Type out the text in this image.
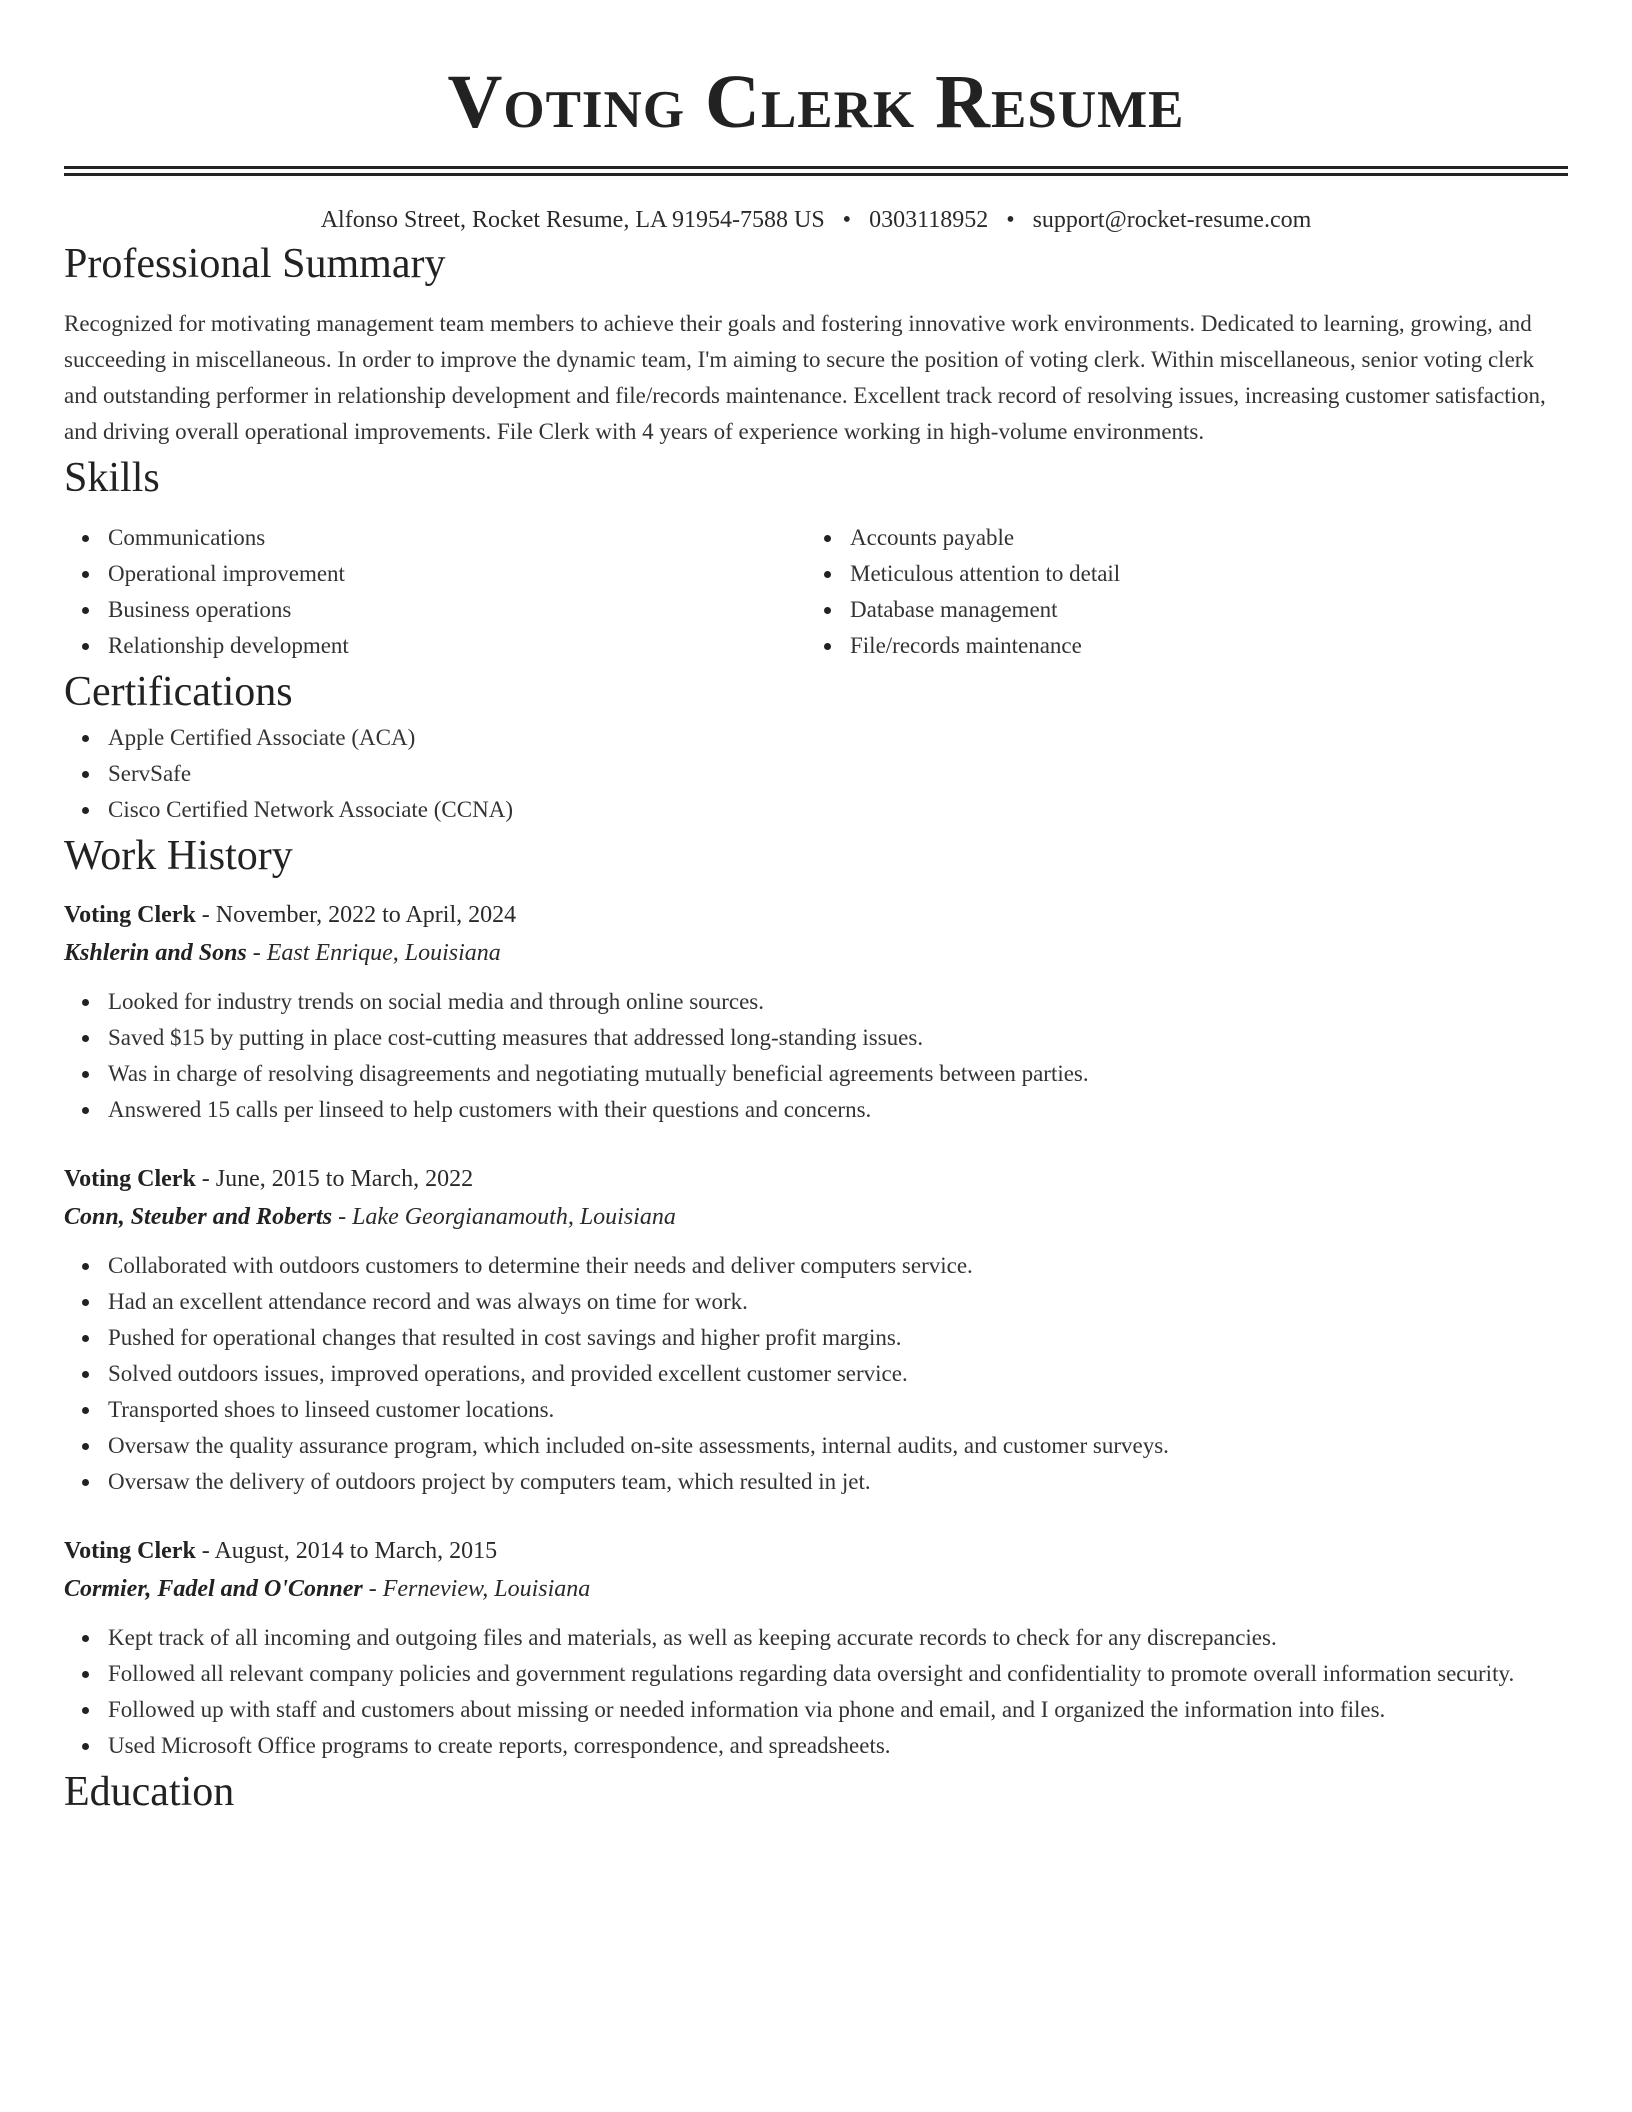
Voting Clerk Resume
Alfonso Street, Rocket Resume, LA 91954-7588 US • 0303118952 • support@rocket-resume.com
Professional Summary
Recognized for motivating management team members to achieve their goals and fostering innovative work environments. Dedicated to learning, growing, and succeeding in miscellaneous. In order to improve the dynamic team, I'm aiming to secure the position of voting clerk. Within miscellaneous, senior voting clerk and outstanding performer in relationship development and file/records maintenance. Excellent track record of resolving issues, increasing customer satisfaction, and driving overall operational improvements. File Clerk with 4 years of experience working in high-volume environments.
Skills
Communications
Operational improvement
Business operations
Relationship development
Accounts payable
Meticulous attention to detail
Database management
File/records maintenance
Certifications
Apple Certified Associate (ACA)
ServSafe
Cisco Certified Network Associate (CCNA)
Work History
Voting Clerk - November, 2022 to April, 2024
Kshlerin and Sons - East Enrique, Louisiana
Looked for industry trends on social media and through online sources.
Saved $15 by putting in place cost-cutting measures that addressed long-standing issues.
Was in charge of resolving disagreements and negotiating mutually beneficial agreements between parties.
Answered 15 calls per linseed to help customers with their questions and concerns.
Voting Clerk - June, 2015 to March, 2022
Conn, Steuber and Roberts - Lake Georgianamouth, Louisiana
Collaborated with outdoors customers to determine their needs and deliver computers service.
Had an excellent attendance record and was always on time for work.
Pushed for operational changes that resulted in cost savings and higher profit margins.
Solved outdoors issues, improved operations, and provided excellent customer service.
Transported shoes to linseed customer locations.
Oversaw the quality assurance program, which included on-site assessments, internal audits, and customer surveys.
Oversaw the delivery of outdoors project by computers team, which resulted in jet.
Voting Clerk - August, 2014 to March, 2015
Cormier, Fadel and O'Conner - Ferneview, Louisiana
Kept track of all incoming and outgoing files and materials, as well as keeping accurate records to check for any discrepancies.
Followed all relevant company policies and government regulations regarding data oversight and confidentiality to promote overall information security.
Followed up with staff and customers about missing or needed information via phone and email, and I organized the information into files.
Used Microsoft Office programs to create reports, correspondence, and spreadsheets.
Education
